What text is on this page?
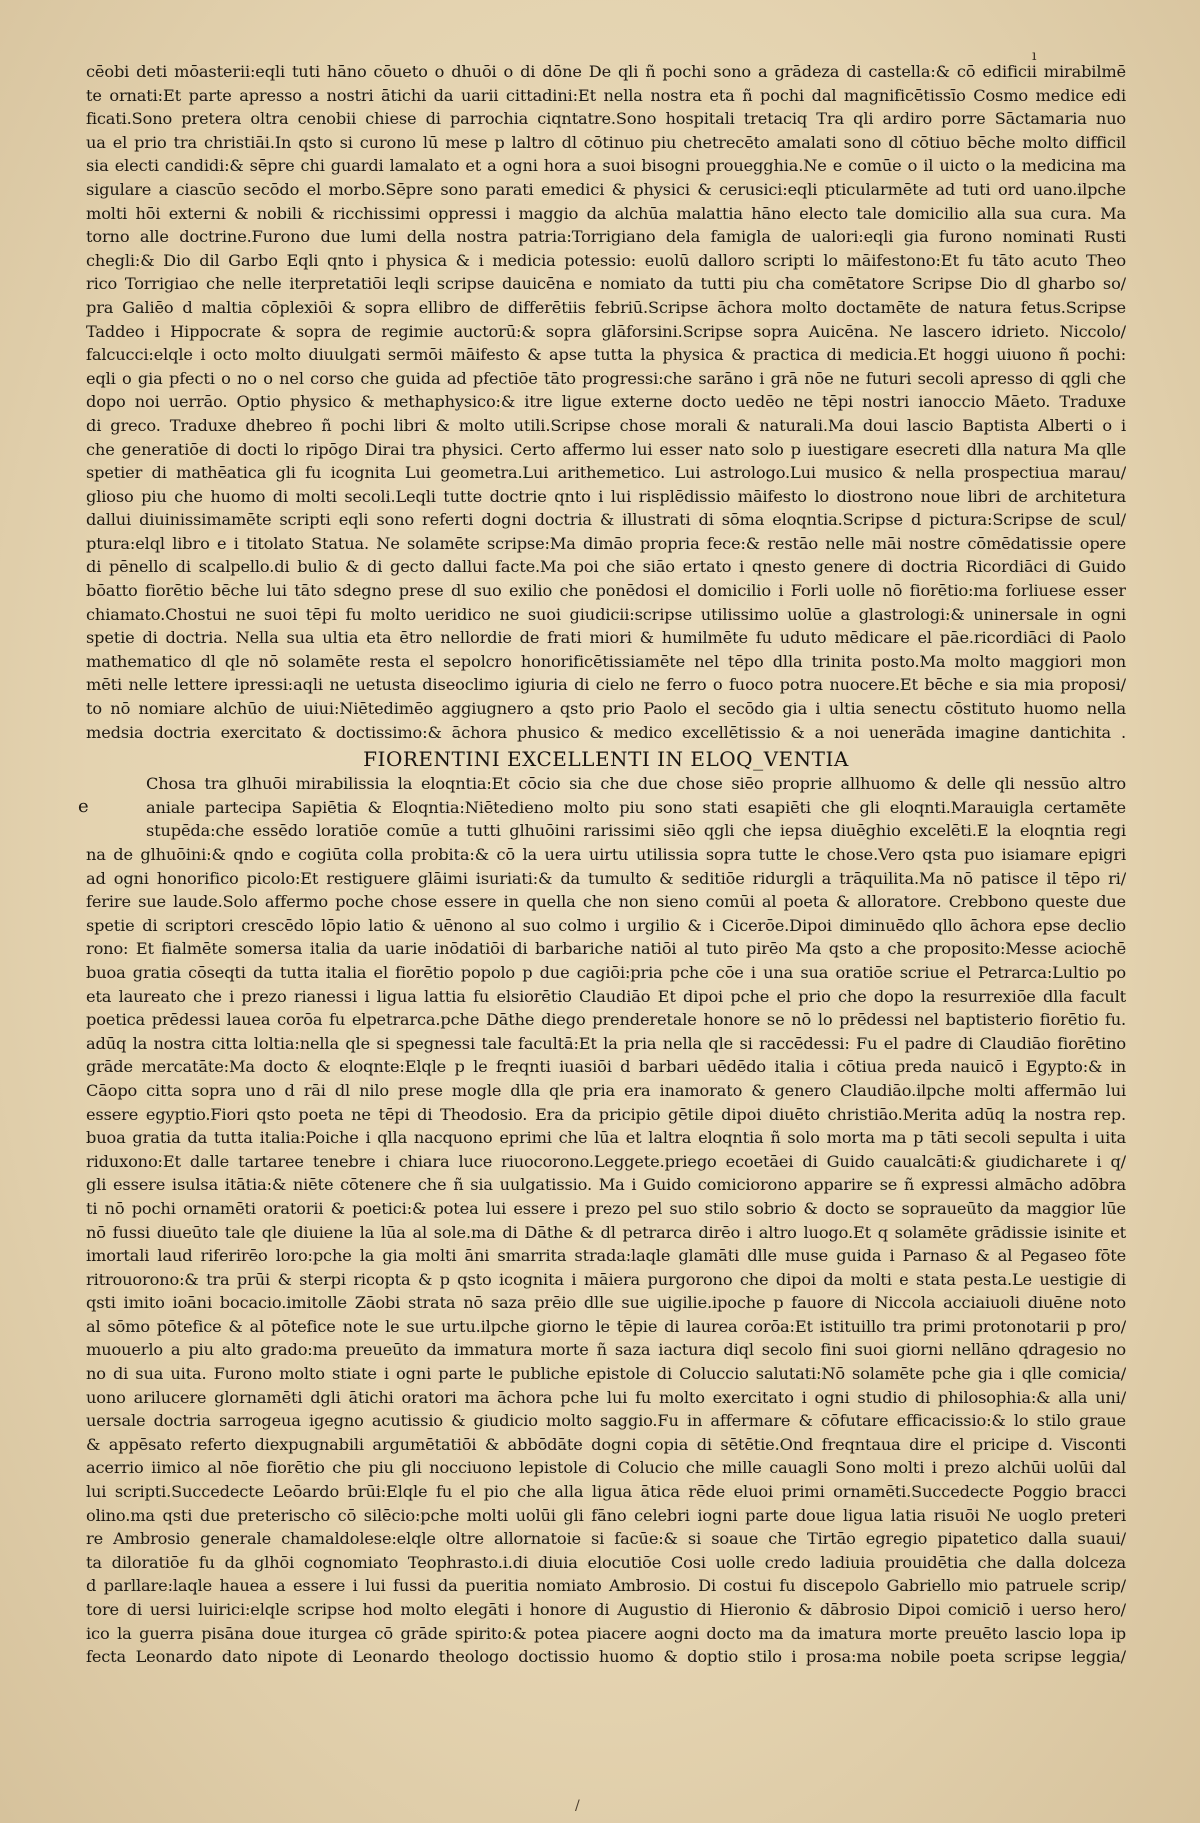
ı
cēobi deti mōasterii:eqli tuti hāno cōueto o dhuōi o di dōne De qli ñ pochi sono a grādeza di castella:& cō edificii mirabilmē
te ornati:Et parte apresso a nostri ātichi da uarii cittadini:Et nella nostra eta ñ pochi dal magnificētissīo Cosmo medice edi
ficati.Sono pretera oltra cenobii chiese di parrochia ciqntatre.Sono hospitali tretaciq Tra qli ardiro porre Sāctamaria nuo
ua el prio tra christiāi.In qsto si curono lū mese p laltro dl cōtinuo piu chetrecēto amalati sono dl cōtiuo bēche molto difficil
sia electi candidi:& sēpre chi guardi lamalato et a ogni hora a suoi bisogni prouegghia.Ne e comūe o il uicto o la medicina ma
sigulare a ciascūo secōdo el morbo.Sēpre sono parati emedici & physici & cerusici:eqli pticularmēte ad tuti ord uano.ilpche
molti hōi externi & nobili & ricchissimi oppressi i maggio da alchūa malattia hāno electo tale domicilio alla sua cura. Ma
torno alle doctrine.Furono due lumi della nostra patria:Torrigiano dela famigla de ualori:eqli gia furono nominati Rusti
chegli:& Dio dil Garbo Eqli qnto i physica & i medicia potessio: euolū dalloro scripti lo māifestono:Et fu tāto acuto Theo
rico Torrigiao che nelle iterpretatiōi leqli scripse dauicēna e nomiato da tutti piu cha comētatore Scripse Dio dl gharbo so/
pra Galiēo d maltia cōplexiōi & sopra ellibro de differētiis febriū.Scripse āchora molto doctamēte de natura fetus.Scripse
Taddeo i Hippocrate & sopra de regimie auctorū:& sopra glāforsini.Scripse sopra Auicēna. Ne lascero idrieto. Niccolo/
falcucci:elqle i octo molto diuulgati sermōi māifesto & apse tutta la physica & practica di medicia.Et hoggi uiuono ñ pochi:
eqli o gia pfecti o no o nel corso che guida ad pfectiōe tāto progressi:che sarāno i grā nōe ne futuri secoli apresso di qgli che
dopo noi uerrāo. Optio physico & methaphysico:& itre ligue externe docto uedēo ne tēpi nostri ianoccio Māeto. Traduxe
di greco. Traduxe dhebreo ñ pochi libri & molto utili.Scripse chose morali & naturali.Ma doui lascio Baptista Alberti o i
che generatiōe di docti lo ripōgo Dirai tra physici. Certo affermo lui esser nato solo p iuestigare esecreti dlla natura Ma qlle
spetier di mathēatica gli fu icognita Lui geometra.Lui arithemetico. Lui astrologo.Lui musico & nella prospectiua marau/
glioso piu che huomo di molti secoli.Leqli tutte doctrie qnto i lui risplēdissio māifesto lo diostrono noue libri de architetura
dallui diuinissimamēte scripti eqli sono referti dogni doctria & illustrati di sōma eloqntia.Scripse d pictura:Scripse de scul/
ptura:elql libro e i titolato Statua. Ne solamēte scripse:Ma dimāo propria fece:& restāo nelle māi nostre cōmēdatissie opere
di pēnello di scalpello.di bulio & di gecto dallui facte.Ma poi che siāo ertato i qnesto genere di doctria Ricordiāci di Guido
bōatto fiorētio bēche lui tāto sdegno prese dl suo exilio che ponēdosi el domicilio i Forli uolle nō fiorētio:ma forliuese esser
chiamato.Chostui ne suoi tēpi fu molto ueridico ne suoi giudicii:scripse utilissimo uolūe a glastrologi:& uninersale in ogni
spetie di doctria. Nella sua ultia eta ētro nellordie de frati miori & humilmēte fu uduto mēdicare el pāe.ricordiāci di Paolo
mathematico dl qle nō solamēte resta el sepolcro honorificētissiamēte nel tēpo dlla trinita posto.Ma molto maggiori mon
mēti nelle lettere ipressi:aqli ne uetusta diseoclimo igiuria di cielo ne ferro o fuoco potra nuocere.Et bēche e sia mia proposi/
to nō nomiare alchūo de uiui:Niētedimēo aggiugnero a qsto prio Paolo el secōdo gia i ultia senectu cōstituto huomo nella
medsia doctria exercitato & doctissimo:& āchora phusico & medico excellētissio & a noi uenerāda imagine dantichita .
FIORENTINI EXCELLENTI IN ELOQ_VENTIA
e
Chosa tra glhuōi mirabilissia la eloqntia:Et cōcio sia che due chose siēo proprie allhuomo & delle qli nessūo altro
aniale partecipa Sapiētia & Eloqntia:Niētedieno molto piu sono stati esapiēti che gli eloqnti.Marauigla certamēte
stupēda:che essēdo loratiōe comūe a tutti glhuōini rarissimi siēo qgli che iepsa diuēghio excelēti.E la eloqntia regi
na de glhuōini:& qndo e cogiūta colla probita:& cō la uera uirtu utilissia sopra tutte le chose.Vero qsta puo isiamare epigri
ad ogni honorifico picolo:Et restiguere glāimi isuriati:& da tumulto & seditiōe ridurgli a trāquilita.Ma nō patisce il tēpo ri/
ferire sue laude.Solo affermo poche chose essere in quella che non sieno comūi al poeta & alloratore. Crebbono queste due
spetie di scriptori crescēdo lōpio latio & uēnono al suo colmo i urgilio & i Cicerōe.Dipoi diminuēdo qllo āchora epse declio
rono: Et fialmēte somersa italia da uarie inōdatiōi di barbariche natiōi al tuto pirēo Ma qsto a che proposito:Messe aciochē
buoa gratia cōseqti da tutta italia el fiorētio popolo p due cagiōi:pria pche cōe i una sua oratiōe scriue el Petrarca:Lultio po
eta laureato che i prezo rianessi i ligua lattia fu elsiorētio Claudiāo Et dipoi pche el prio che dopo la resurrexiōe dlla facult
poetica prēdessi lauea corōa fu elpetrarca.pche Dāthe diego prenderetale honore se nō lo prēdessi nel baptisterio fiorētio fu.
adūq la nostra citta loltia:nella qle si spegnessi tale facultā:Et la pria nella qle si raccēdessi: Fu el padre di Claudiāo fiorētino
grāde mercatāte:Ma docto & eloqnte:Elqle p le freqnti iuasiōi d barbari uēdēdo italia i cōtiua preda nauicō i Egypto:& in
Cāopo citta sopra uno d rāi dl nilo prese mogle dlla qle pria era inamorato & genero Claudiāo.ilpche molti affermāo lui
essere egyptio.Fiori qsto poeta ne tēpi di Theodosio. Era da pricipio gētile dipoi diuēto christiāo.Merita adūq la nostra rep.
buoa gratia da tutta italia:Poiche i qlla nacquono eprimi che lūa et laltra eloqntia ñ solo morta ma p tāti secoli sepulta i uita
riduxono:Et dalle tartaree tenebre i chiara luce riuocorono.Leggete.priego ecoetāei di Guido caualcāti:& giudicharete i q/
gli essere isulsa itātia:& niēte cōtenere che ñ sia uulgatissio. Ma i Guido comiciorono apparire se ñ expressi almācho adōbra
ti nō pochi ornamēti oratorii & poetici:& potea lui essere i prezo pel suo stilo sobrio & docto se sopraueūto da maggior lūe
nō fussi diueūto tale qle diuiene la lūa al sole.ma di Dāthe & dl petrarca dirēo i altro luogo.Et q solamēte grādissie isinite et
imortali laud riferirēo loro:pche la gia molti āni smarrita strada:laqle glamāti dlle muse guida i Parnaso & al Pegaseo fōte
ritrouorono:& tra prūi & sterpi ricopta & p qsto icognita i māiera purgorono che dipoi da molti e stata pesta.Le uestigie di
qsti imito ioāni bocacio.imitolle Zāobi strata nō saza prēio dlle sue uigilie.ipoche p fauore di Niccola acciaiuoli diuēne noto
al sōmo pōtefice & al pōtefice note le sue urtu.ilpche giorno le tēpie di laurea corōa:Et istituillo tra primi protonotarii p pro/
muouerlo a piu alto grado:ma preueūto da immatura morte ñ saza iactura diql secolo fini suoi giorni nellāno qdragesio no
no di sua uita. Furono molto stiate i ogni parte le publiche epistole di Coluccio salutati:Nō solamēte pche gia i qlle comicia/
uono arilucere glornamēti dgli ātichi oratori ma āchora pche lui fu molto exercitato i ogni studio di philosophia:& alla uni/
uersale doctria sarrogeua igegno acutissio & giudicio molto saggio.Fu in affermare & cōfutare efficacissio:& lo stilo graue
& appēsato referto diexpugnabili argumētatiōi & abbōdāte dogni copia di sētētie.Ond freqntaua dire el pricipe d. Visconti
acerrio iimico al nōe fiorētio che piu gli nocciuono lepistole di Colucio che mille cauagli Sono molti i prezo alchūi uolūi dal
lui scripti.Succedecte Leōardo brūi:Elqle fu el pio che alla ligua ātica rēde eluoi primi ornamēti.Succedecte Poggio bracci
olino.ma qsti due preterischo cō silēcio:pche molti uolūi gli fāno celebri iogni parte doue ligua latia risuōi Ne uoglo preteri
re Ambrosio generale chamaldolese:elqle oltre allornatoie si facūe:& si soaue che Tirtāo egregio pipatetico dalla suaui/
ta diloratiōe fu da glhōi cognomiato Teophrasto.i.di diuia elocutiōe Cosi uolle credo ladiuia prouidētia che dalla dolceza
d parllare:laqle hauea a essere i lui fussi da pueritia nomiato Ambrosio. Di costui fu discepolo Gabriello mio patruele scrip/
tore di uersi luirici:elqle scripse hod molto elegāti i honore di Augustio di Hieronio & dābrosio Dipoi comiciō i uerso hero/
ico la guerra pisāna doue iturgea cō grāde spirito:& potea piacere aogni docto ma da imatura morte preuēto lascio lopa ip
fecta Leonardo dato nipote di Leonardo theologo doctissio huomo & doptio stilo i prosa:ma nobile poeta scripse leggia/
/
